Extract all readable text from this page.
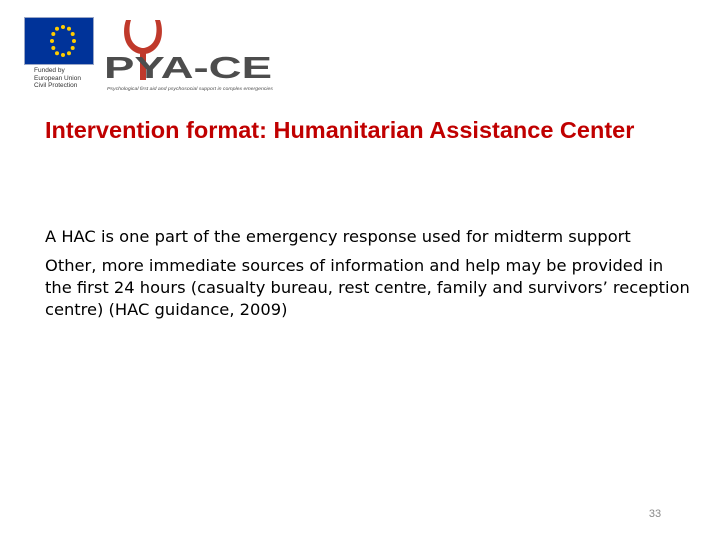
Funded by
European Union
Civil Protection
PYA-CE
Psychological first aid and psychosocial support in complex emergencies
Intervention format: Humanitarian Assistance Center

A HAC is one part of the emergency response used for midterm support

Other, more immediate sources of information and help may be provided in the first 24 hours (casualty bureau, rest centre, family and survivors’ reception centre) (HAC guidance, 2009)

33
